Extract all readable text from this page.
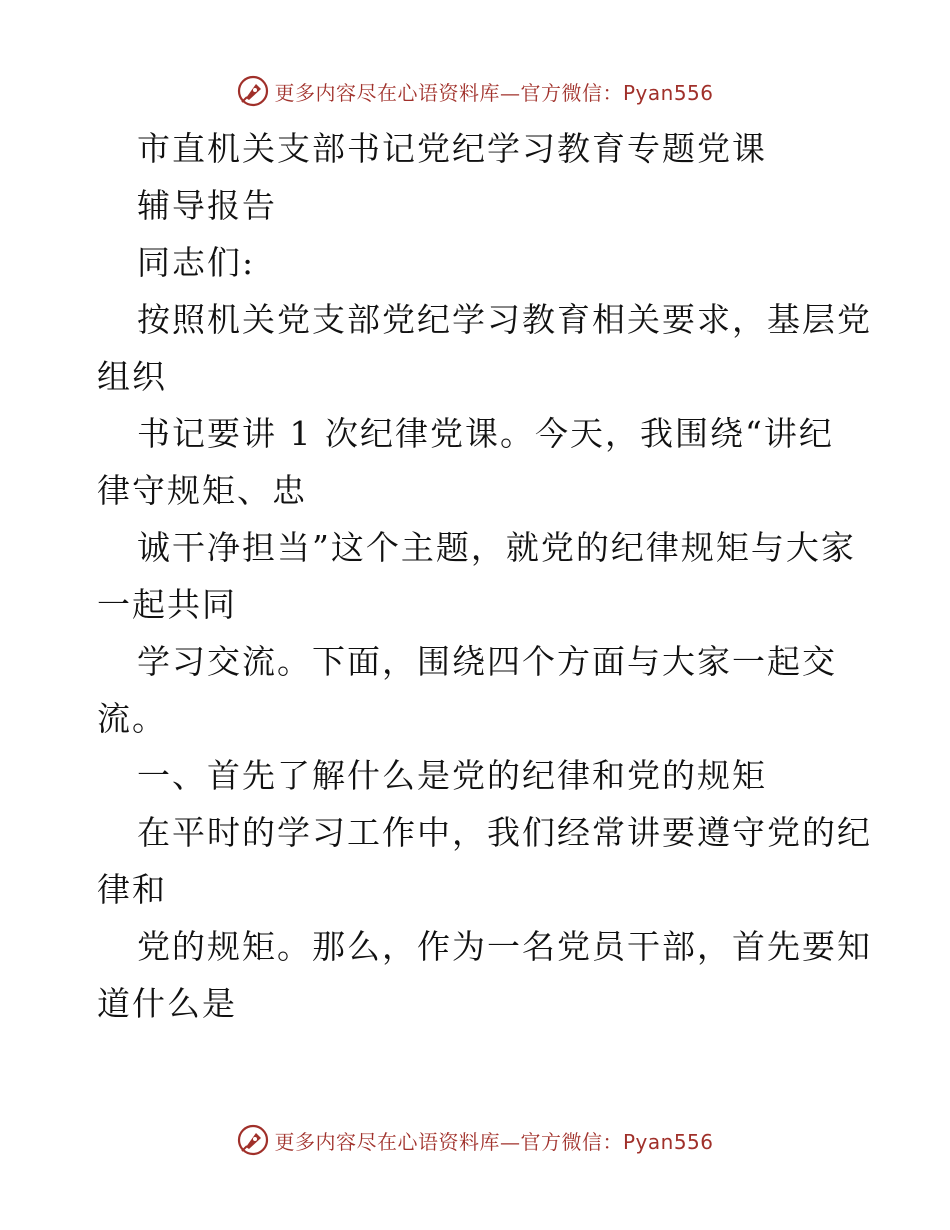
更多内容尽在心语资料库—官方微信：Pyan556

市直机关支部书记党纪学习教育专题党课

辅导报告

同志们:

按照机关党支部党纪学习教育相关要求，基层党

组织

书记要讲 1 次纪律党课。今天，我围绕“讲纪

律守规矩、忠

诚干净担当”这个主题，就党的纪律规矩与大家

一起共同

学习交流。下面，围绕四个方面与大家一起交

流。

一、首先了解什么是党的纪律和党的规矩

在平时的学习工作中，我们经常讲要遵守党的纪

律和

党的规矩。那么，作为一名党员干部，首先要知

道什么是

更多内容尽在心语资料库—官方微信：Pyan556
